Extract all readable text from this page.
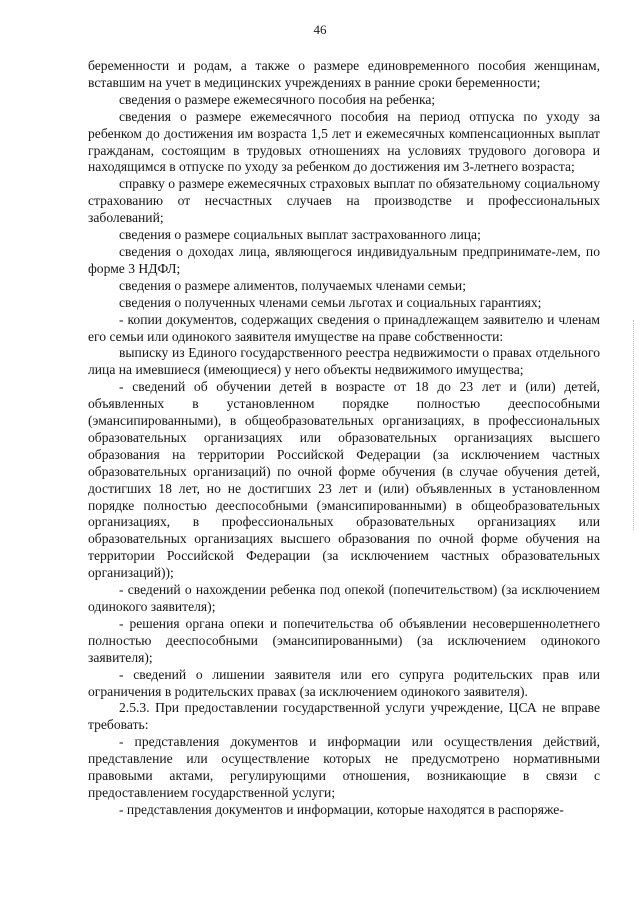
46

беременности и родам, а также о размере единовременного пособия женщинам, вставшим на учет в медицинских учреждениях в ранние сроки беременности;

сведения о размере ежемесячного пособия на ребенка;

сведения о размере ежемесячного пособия на период отпуска по уходу за ребенком до достижения им возраста 1,5 лет и ежемесячных компенсационных выплат гражданам, состоящим в трудовых отношениях на условиях трудового договора и находящимся в отпуске по уходу за ребенком до достижения им 3-летнего возраста;

справку о размере ежемесячных страховых выплат по обязательному социальному страхованию от несчастных случаев на производстве и профессиональных заболеваний;

сведения о размере социальных выплат застрахованного лица;

сведения о доходах лица, являющегося индивидуальным предпринимате-лем, по форме 3 НДФЛ;

сведения о размере алиментов, получаемых членами семьи;

сведения о полученных членами семьи льготах и социальных гарантиях;

- копии документов, содержащих сведения о принадлежащем заявителю и членам его семьи или одинокого заявителя имуществе на праве собственности:

выписку из Единого государственного реестра недвижимости о правах отдельного лица на имевшиеся (имеющиеся) у него объекты недвижимого имущества;

- сведений об обучении детей в возрасте от 18 до 23 лет и (или) детей, объявленных в установленном порядке полностью дееспособными (эмансипированными), в общеобразовательных организациях, в профессиональных образовательных организациях или образовательных организациях высшего образования на территории Российской Федерации (за исключением частных образовательных организаций) по очной форме обучения (в случае обучения детей, достигших 18 лет, но не достигших 23 лет и (или) объявленных в установленном порядке полностью дееспособными (эмансипированными) в общеобразовательных организациях, в профессиональных образовательных организациях или образовательных организациях высшего образования по очной форме обучения на территории Российской Федерации (за исключением частных образовательных организаций));

- сведений о нахождении ребенка под опекой (попечительством) (за исключением одинокого заявителя);

- решения органа опеки и попечительства об объявлении несовершеннолетнего полностью дееспособными (эмансипированными) (за исключением одинокого заявителя);

- сведений о лишении заявителя или его супруга родительских прав или ограничения в родительских правах (за исключением одинокого заявителя).

2.5.3. При предоставлении государственной услуги учреждение, ЦСА не вправе требовать:

- представления документов и информации или осуществления действий, представление или осуществление которых не предусмотрено нормативными правовыми актами, регулирующими отношения, возникающие в связи с предоставлением государственной услуги;

- представления документов и информации, которые находятся в распоряже-
